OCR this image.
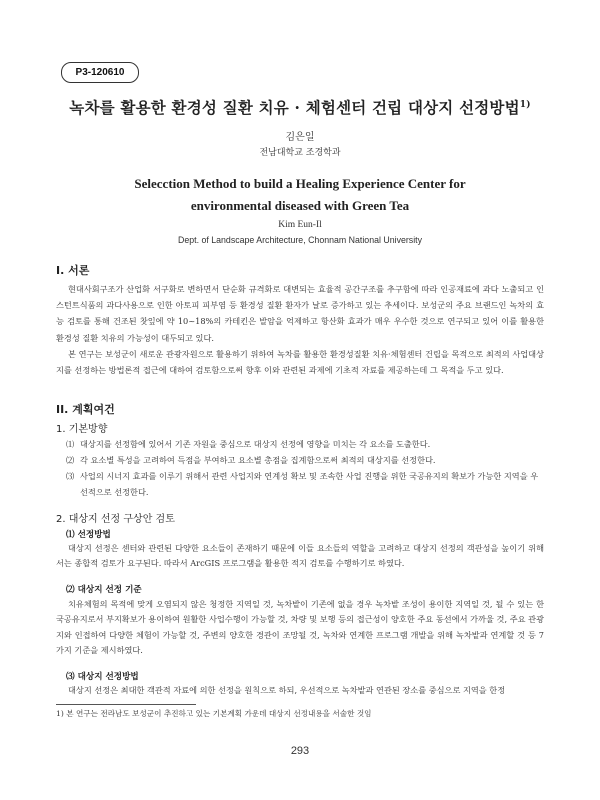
P3-120610
녹차를 활용한 환경성 질환 치유 · 체험센터 건립 대상지 선정방법$^{1)}$
김은일
전남대학교 조경학과
Selecction Method to build a Healing Experience Center for
environmental diseased with Green Tea
Kim Eun-Il
Dept. of Landscape Architecture, Chonnam National University
I. 서론

현대사회구조가 산업화 서구화로 변하면서 단순화 규격화로 대변되는 효율적 공간구조를 추구함에 따라 인공재료에 과다 노출되고 인스턴트식품의 과다사용으로 인한 아토피 피부염 등 환경성 질환 환자가 날로 증가하고 있는 추세이다. 보성군의 주요 브랜드인 녹차의 효능 검토를 통해 건조된 찻잎에 약 10~18%의 카테킨은 발암을 억제하고 항산화 효과가 매우 우수한 것으로 연구되고 있어 이를 활용한 환경성 질환 치유의 가능성이 대두되고 있다.

본 연구는 보성군이 새로운 관광자원으로 활용하기 위하여 녹차를 활용한 환경성질환 치유·체험센터 건립을 목적으로 최적의 사업대상지를 선정하는 방법론적 접근에 대하여 검토함으로써 향후 이와 관련된 과제에 기초적 자료를 제공하는데 그 목적을 두고 있다.

II. 계획여건
1. 기본방향
⑴ 대상지를 선정함에 있어서 기존 자원을 중심으로 대상지 선정에 영향을 미치는 각 요소를 도출한다.
⑵ 각 요소별 특성을 고려하여 득점을 부여하고 요소별 총점을 집계함으로써 최적의 대상지를 선정한다.
⑶ 사업의 시너지 효과를 이루기 위해서 관련 사업지와 연계성 확보 및 조속한 사업 진행을 위한 국공유지의 확보가 가능한 지역을 우선적으로 선정한다.
2. 대상지 선정 구상안 검토
⑴ 선정방법

대상지 선정은 센터와 관련된 다양한 요소들이 존재하기 때문에 이들 요소들의 역할을 고려하고 대상지 선정의 객관성을 높이기 위해서는 종합적 검토가 요구된다. 따라서 ArcGIS 프로그램을 활용한 적지 검토를 수행하기로 하였다.

⑵ 대상지 선정 기준

치유체험의 목적에 맞게 오염되지 않은 청정한 지역일 것, 녹차밭이 기존에 없을 경우 녹차밭 조성이 용이한 지역일 것, 될 수 있는 한 국공유지로서 부지확보가 용이하여 원활한 사업수행이 가능할 것, 차량 및 보행 등의 접근성이 양호한 주요 동선에서 가까울 것, 주요 관광지와 인접하여 다양한 체험이 가능할 것, 주변의 양호한 경관이 조망될 것, 녹차와 연계한 프로그램 개발을 위해 녹차밭과 연계할 것 등 7가지 기준을 제시하였다.

⑶ 대상지 선정방법

대상지 선정은 최대한 객관적 자료에 의한 선정을 원칙으로 하되, 우선적으로 녹차밭과 연관된 장소를 중심으로 지역을 한정

1) 본 연구는 전라남도 보성군이 추진하고 있는 기본계획 가운데 대상지 선정내용을 서술한 것임
293
